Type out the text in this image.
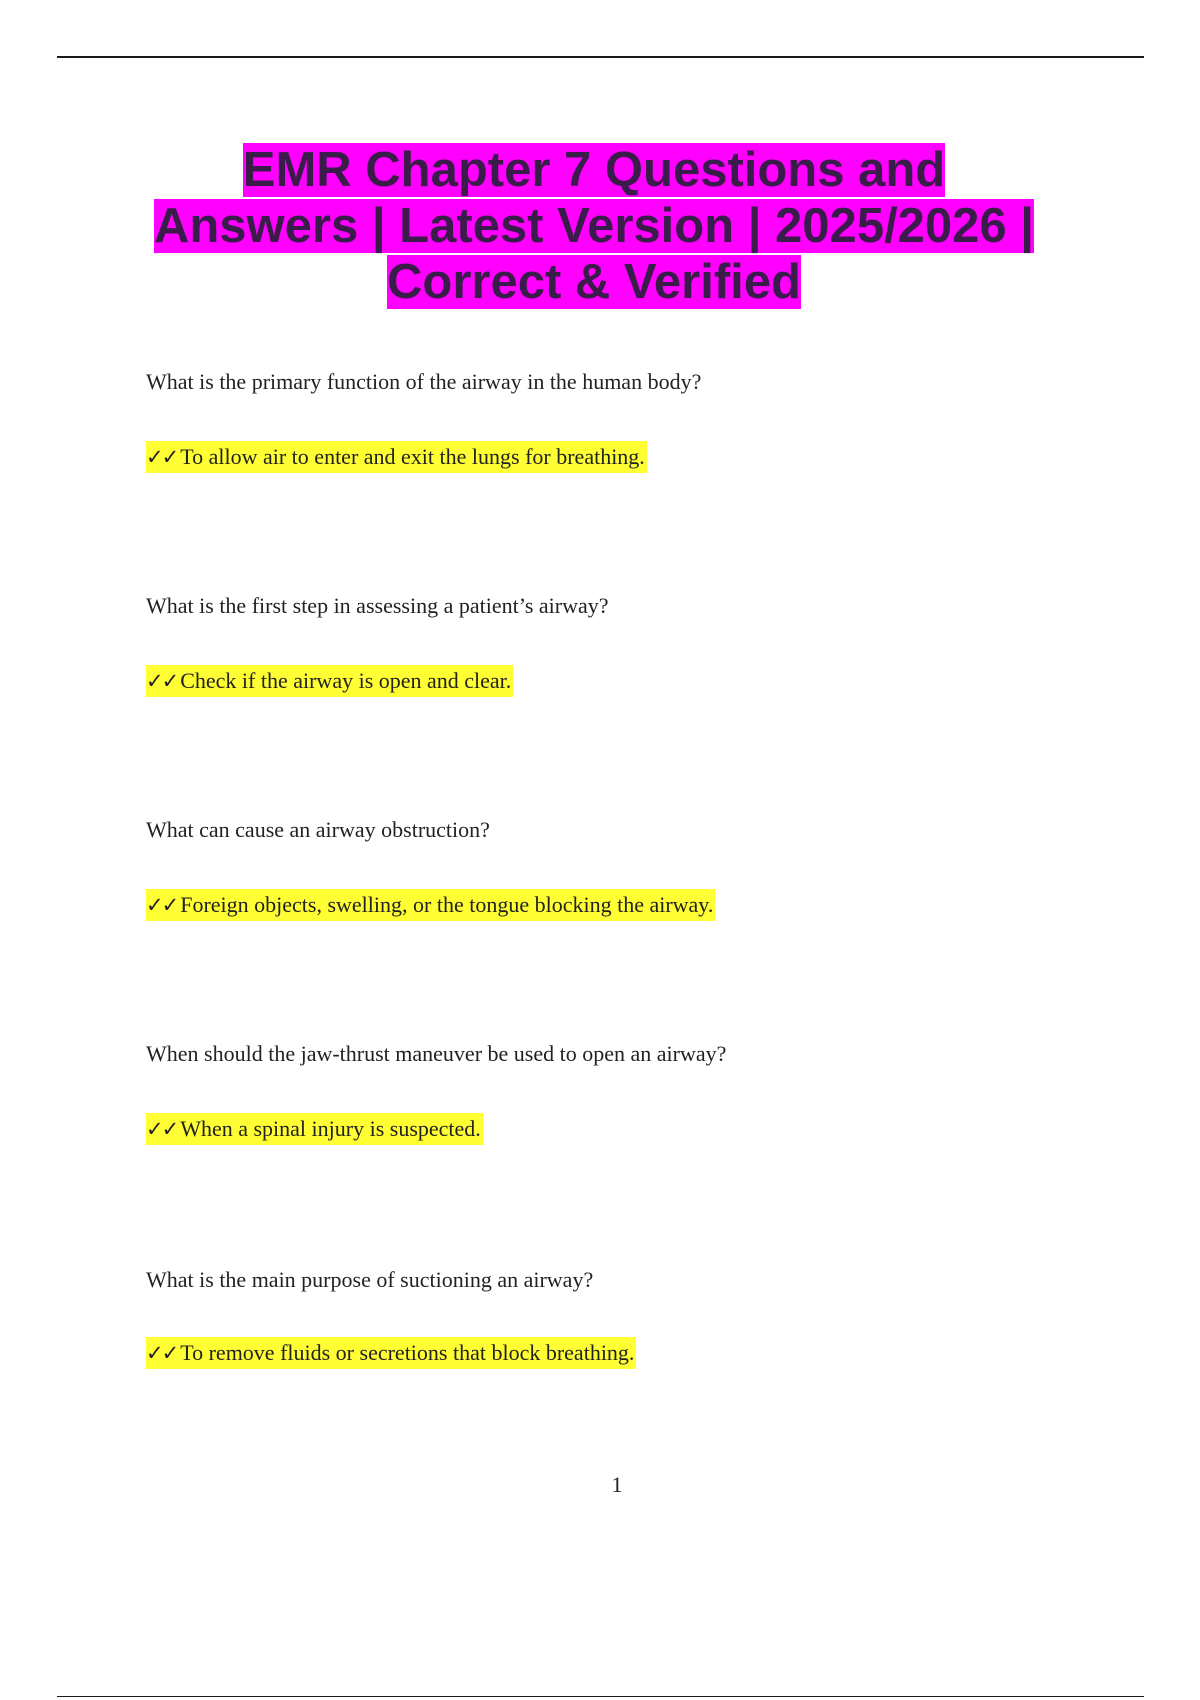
EMR Chapter 7 Questions and Answers | Latest Version | 2025/2026 | Correct & Verified
What is the primary function of the airway in the human body?
✓✓ To allow air to enter and exit the lungs for breathing.
What is the first step in assessing a patient’s airway?
✓✓ Check if the airway is open and clear.
What can cause an airway obstruction?
✓✓ Foreign objects, swelling, or the tongue blocking the airway.
When should the jaw-thrust maneuver be used to open an airway?
✓✓ When a spinal injury is suspected.
What is the main purpose of suctioning an airway?
✓✓ To remove fluids or secretions that block breathing.
1
